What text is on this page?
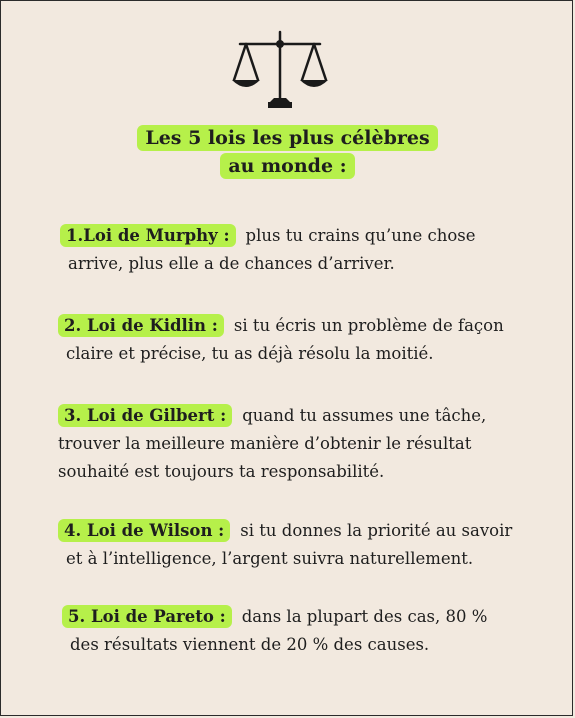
Les 5 lois les plus célèbres
au monde :
1.Loi de Murphy : plus tu crains qu’une chose
arrive, plus elle a de chances d’arriver.
2. Loi de Kidlin : si tu écris un problème de façon
claire et précise, tu as déjà résolu la moitié.
3. Loi de Gilbert : quand tu assumes une tâche,
trouver la meilleure manière d’obtenir le résultat
souhaité est toujours ta responsabilité.
4. Loi de Wilson : si tu donnes la priorité au savoir
et à l’intelligence, l’argent suivra naturellement.
5. Loi de Pareto : dans la plupart des cas, 80 %
des résultats viennent de 20 % des causes.
